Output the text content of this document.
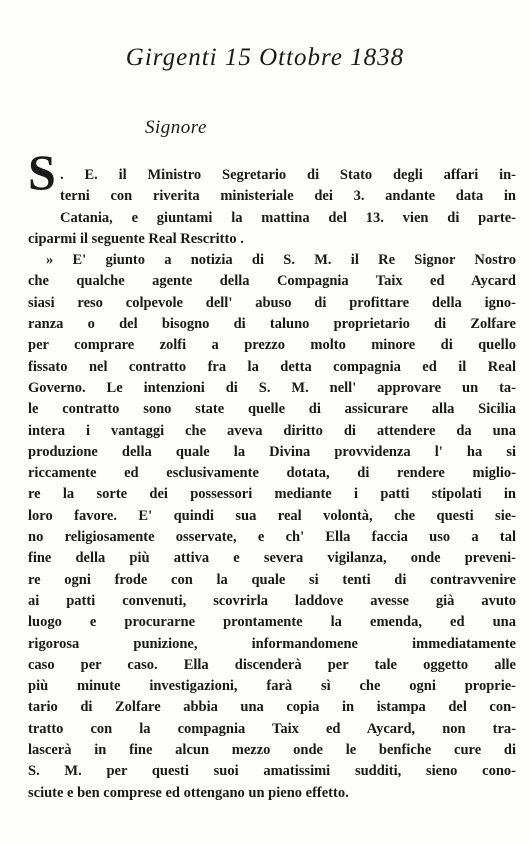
Girgenti 15 Ottobre 1838
Signore
S . E. il Ministro Segretario di Stato degli affari in-
terni con riverita ministeriale dei 3. andante data in
Catania, e giuntami la mattina del 13. vien di parte-
ciparmi il seguente Real Rescritto .
» E' giunto a notizia di S. M. il Re Signor Nostro
che qualche agente della Compagnia Taix ed Aycard
siasi reso colpevole dell' abuso di profittare della igno-
ranza o del bisogno di taluno proprietario di Zolfare
per comprare zolfi a prezzo molto minore di quello
fissato nel contratto fra la detta compagnia ed il Real
Governo. Le intenzioni di S. M. nell' approvare un ta-
le contratto sono state quelle di assicurare alla Sicilia
intera i vantaggi che aveva diritto di attendere da una
produzione della quale la Divina provvidenza l' ha si
riccamente ed esclusivamente dotata, di rendere miglio-
re la sorte dei possessori mediante i patti stipolati in
loro favore. E' quindi sua real volontà, che questi sie-
no religiosamente osservate, e ch' Ella faccia uso a tal
fine della più attiva e severa vigilanza, onde preveni-
re ogni frode con la quale si tenti di contravvenire
ai patti convenuti, scovrirla laddove avesse già avuto
luogo e procurarne prontamente la emenda, ed una
rigorosa punizione, informandomene immediatamente
caso per caso. Ella discenderà per tale oggetto alle
più minute investigazioni, farà sì che ogni proprie-
tario di Zolfare abbia una copia in istampa del con-
tratto con la compagnia Taix ed Aycard, non tra-
lascerà in fine alcun mezzo onde le benfiche cure di
S. M. per questi suoi amatissimi sudditi, sieno cono-
sciute e ben comprese ed ottengano un pieno effetto.
